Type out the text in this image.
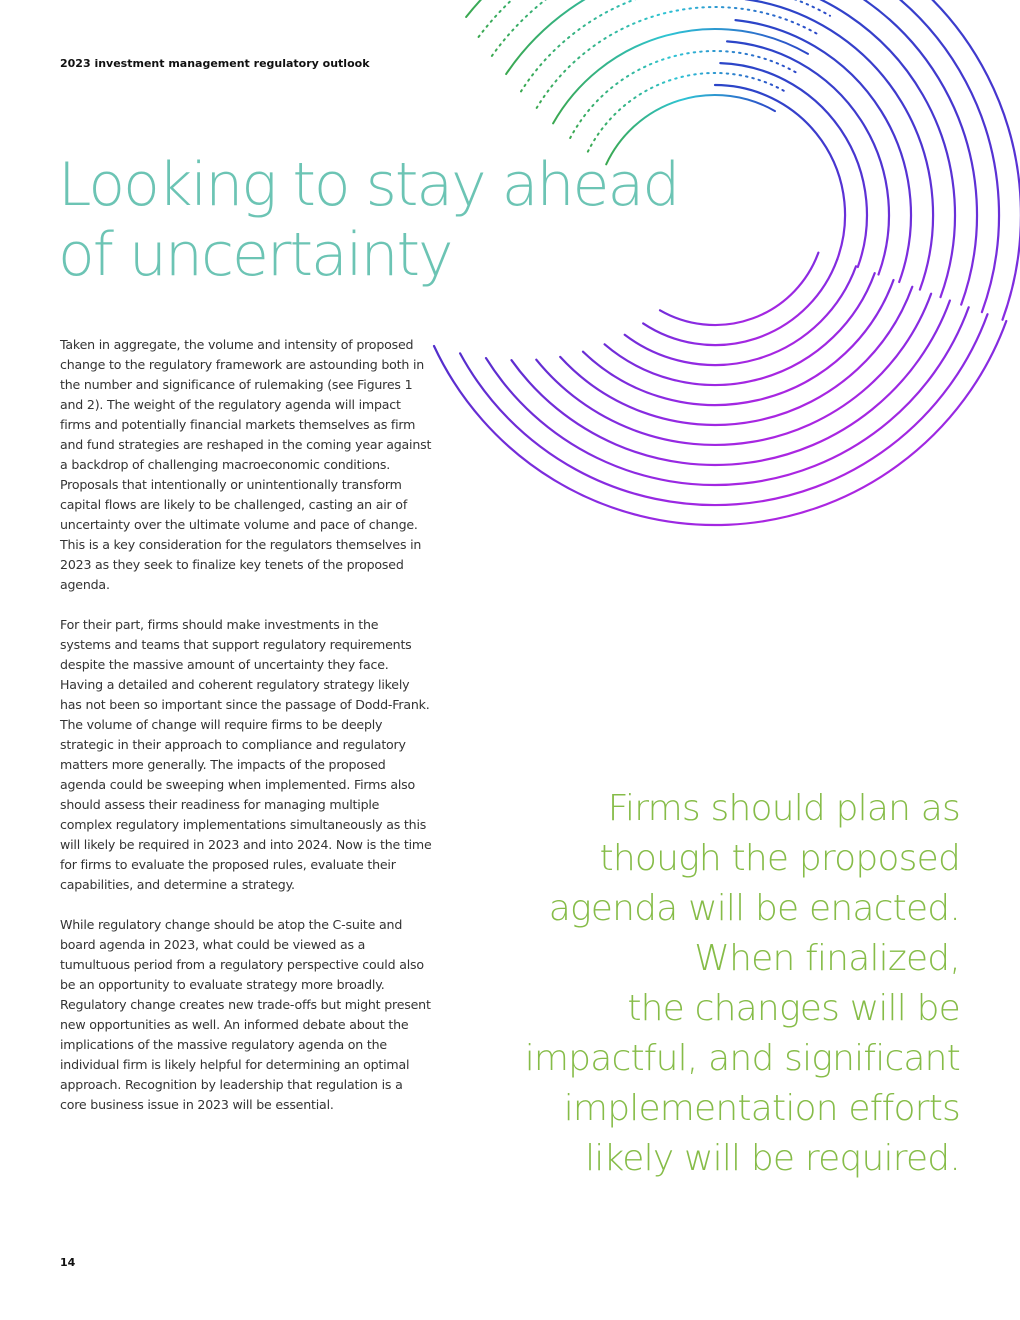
2023 investment management regulatory outlook
Looking to stay ahead
of uncertainty

Taken in aggregate, the volume and intensity of proposed change to the regulatory framework are astounding both in the number and significance of rulemaking (see Figures 1 and 2). The weight of the regulatory agenda will impact firms and potentially financial markets themselves as firm and fund strategies are reshaped in the coming year against a backdrop of challenging macroeconomic conditions. Proposals that intentionally or unintentionally transform capital flows are likely to be challenged, casting an air of uncertainty over the ultimate volume and pace of change. This is a key consideration for the regulators themselves in 2023 as they seek to finalize key tenets of the proposed agenda.

For their part, firms should make investments in the systems and teams that support regulatory requirements despite the massive amount of uncertainty they face. Having a detailed and coherent regulatory strategy likely has not been so important since the passage of Dodd-Frank. The volume of change will require firms to be deeply strategic in their approach to compliance and regulatory matters more generally. The impacts of the proposed agenda could be sweeping when implemented. Firms also should assess their readiness for managing multiple complex regulatory implementations simultaneously as this will likely be required in 2023 and into 2024. Now is the time for firms to evaluate the proposed rules, evaluate their capabilities, and determine a strategy.

While regulatory change should be atop the C-suite and board agenda in 2023, what could be viewed as a tumultuous period from a regulatory perspective could also be an opportunity to evaluate strategy more broadly. Regulatory change creates new trade-offs but might present new opportunities as well. An informed debate about the implications of the massive regulatory agenda on the individual firm is likely helpful for determining an optimal approach. Recognition by leadership that regulation is a core business issue in 2023 will be essential.

Firms should plan as
though the proposed
agenda will be enacted.
When finalized,
the changes will be
impactful, and significant
implementation efforts
likely will be required.
14
